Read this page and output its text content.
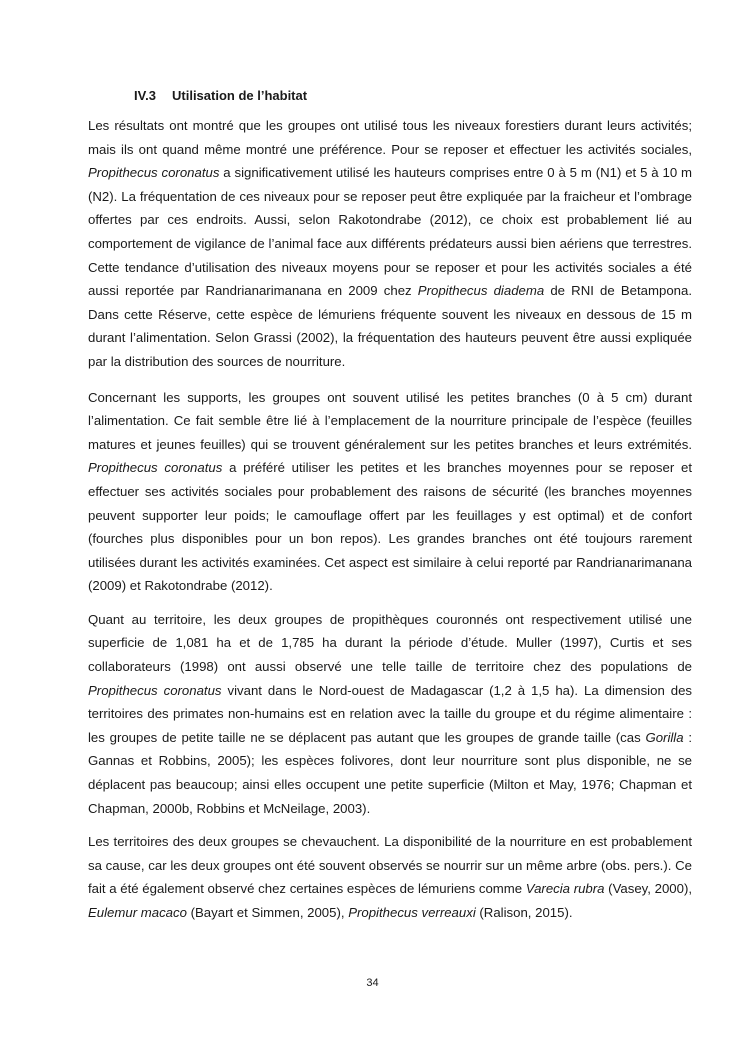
IV.3 Utilisation de l’habitat

Les résultats ont montré que les groupes ont utilisé tous les niveaux forestiers durant leurs activités; mais ils ont quand même montré une préférence. Pour se reposer et effectuer les activités sociales, Propithecus coronatus a significativement utilisé les hauteurs comprises entre 0 à 5 m (N1) et 5 à 10 m (N2). La fréquentation de ces niveaux pour se reposer peut être expliquée par la fraicheur et l’ombrage offertes par ces endroits. Aussi, selon Rakotondrabe (2012), ce choix est probablement lié au comportement de vigilance de l’animal face aux différents prédateurs aussi bien aériens que terrestres. Cette tendance d’utilisation des niveaux moyens pour se reposer et pour les activités sociales a été aussi reportée par Randrianarimanana en 2009 chez Propithecus diadema de RNI de Betampona. Dans cette Réserve, cette espèce de lémuriens fréquente souvent les niveaux en dessous de 15 m durant l’alimentation. Selon Grassi (2002), la fréquentation des hauteurs peuvent être aussi expliquée par la distribution des sources de nourriture.

Concernant les supports, les groupes ont souvent utilisé les petites branches (0 à 5 cm) durant l’alimentation. Ce fait semble être lié à l’emplacement de la nourriture principale de l’espèce (feuilles matures et jeunes feuilles) qui se trouvent généralement sur les petites branches et leurs extrémités. Propithecus coronatus a préféré utiliser les petites et les branches moyennes pour se reposer et effectuer ses activités sociales pour probablement des raisons de sécurité (les branches moyennes peuvent supporter leur poids; le camouflage offert par les feuillages y est optimal) et de confort (fourches plus disponibles pour un bon repos). Les grandes branches ont été toujours rarement utilisées durant les activités examinées. Cet aspect est similaire à celui reporté par Randrianarimanana (2009) et Rakotondrabe (2012).

Quant au territoire, les deux groupes de propithèques couronnés ont respectivement utilisé une superficie de 1,081 ha et de 1,785 ha durant la période d’étude. Muller (1997), Curtis et ses collaborateurs (1998) ont aussi observé une telle taille de territoire chez des populations de Propithecus coronatus vivant dans le Nord-ouest de Madagascar (1,2 à 1,5 ha). La dimension des territoires des primates non-humains est en relation avec la taille du groupe et du régime alimentaire : les groupes de petite taille ne se déplacent pas autant que les groupes de grande taille (cas Gorilla : Gannas et Robbins, 2005); les espèces folivores, dont leur nourriture sont plus disponible, ne se déplacent pas beaucoup; ainsi elles occupent une petite superficie (Milton et May, 1976; Chapman et Chapman, 2000b, Robbins et McNeilage, 2003).

Les territoires des deux groupes se chevauchent. La disponibilité de la nourriture en est probablement sa cause, car les deux groupes ont été souvent observés se nourrir sur un même arbre (obs. pers.). Ce fait a été également observé chez certaines espèces de lémuriens comme Varecia rubra (Vasey, 2000), Eulemur macaco (Bayart et Simmen, 2005), Propithecus verreauxi (Ralison, 2015).

34
